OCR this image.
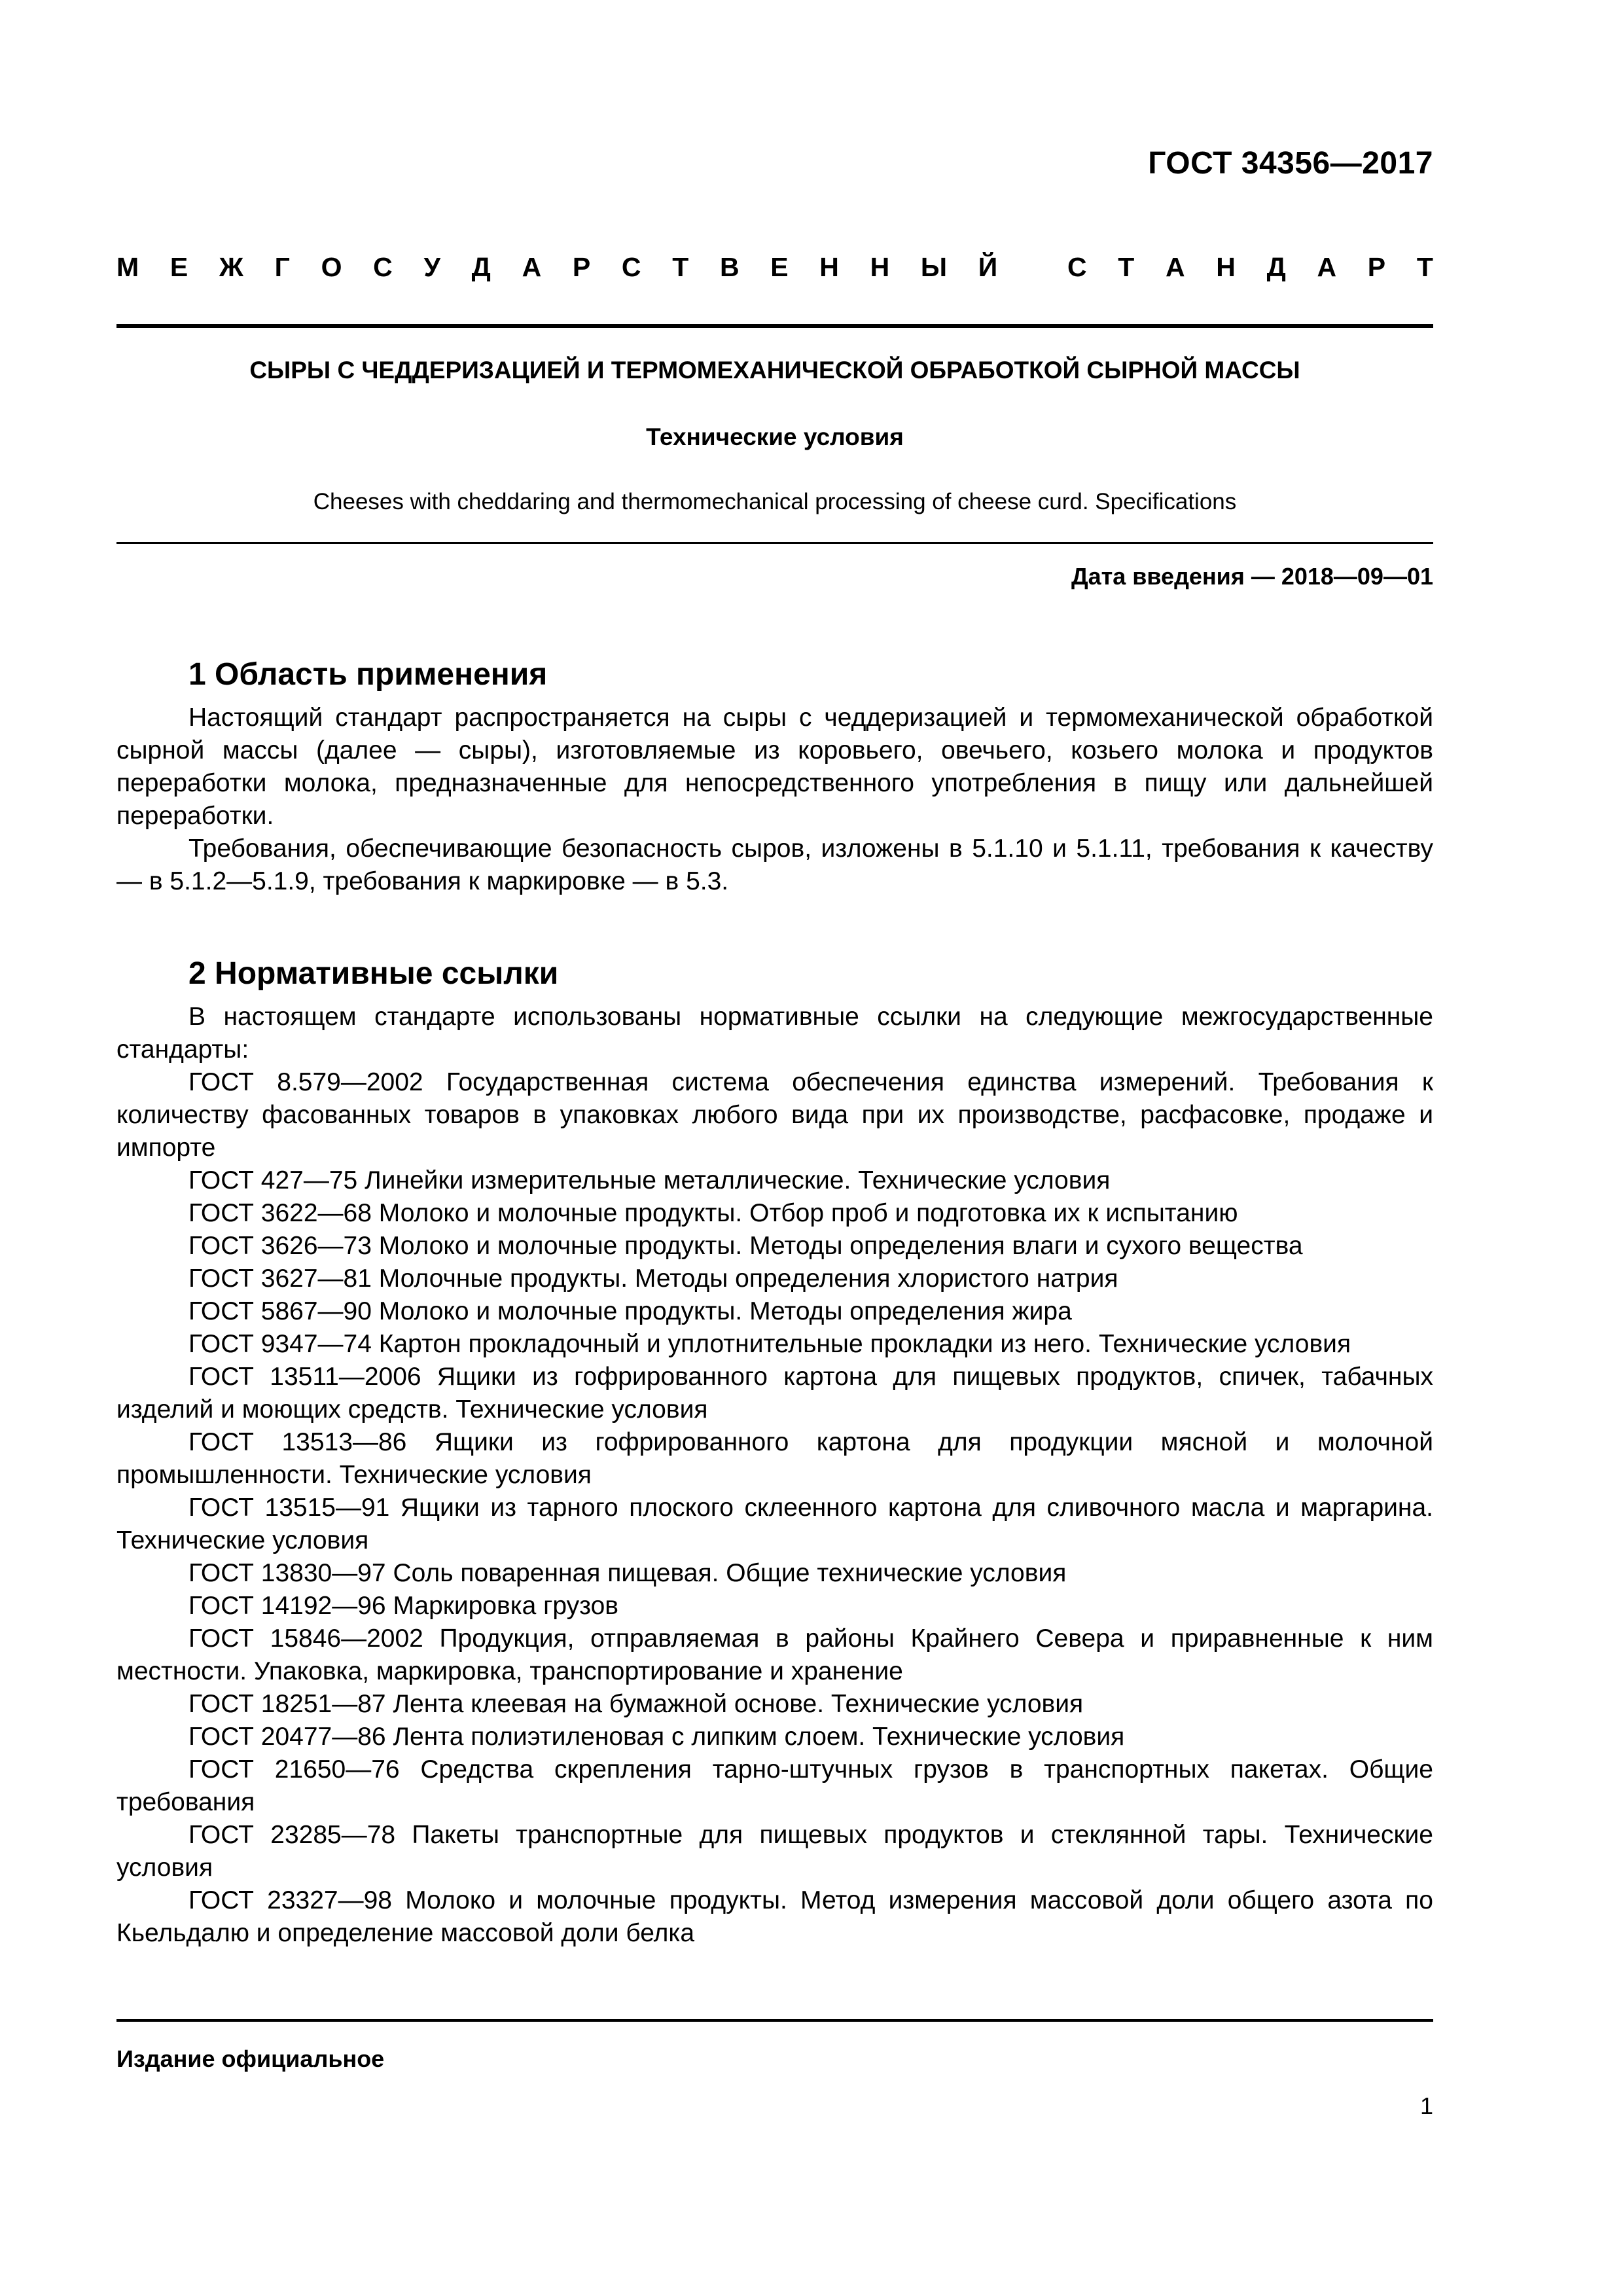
ГОСТ 34356—2017
М Е Ж Г О С У Д А Р С Т В Е Н Н Ы Й
	С Т А Н Д А Р Т
СЫРЫ С ЧЕДДЕРИЗАЦИЕЙ И ТЕРМОМЕХАНИЧЕСКОЙ ОБРАБОТКОЙ СЫРНОЙ МАССЫ
Технические условия
Cheeses with cheddaring and thermomechanical processing of cheese curd. Specifications
Дата введения — 2018—09—01
1 Область применения

Настоящий стандарт распространяется на сыры с чеддеризацией и термомеханической обработкой сырной массы (далее — сыры), изготовляемые из коровьего, овечьего, козьего молока и продуктов переработки молока, предназначенные для непосредственного употребления в пищу или дальнейшей переработки.

Требования, обеспечивающие безопасность сыров, изложены в 5.1.10 и 5.1.11, требования к качеству — в 5.1.2—5.1.9, требования к маркировке — в 5.3.

2 Нормативные ссылки

В настоящем стандарте использованы нормативные ссылки на следующие межгосударственные стандарты:

ГОСТ 8.579—2002 Государственная система обеспечения единства измерений. Требования к количеству фасованных товаров в упаковках любого вида при их производстве, расфасовке, продаже и импорте

ГОСТ 427—75 Линейки измерительные металлические. Технические условия

ГОСТ 3622—68 Молоко и молочные продукты. Отбор проб и подготовка их к испытанию

ГОСТ 3626—73 Молоко и молочные продукты. Методы определения влаги и сухого вещества

ГОСТ 3627—81 Молочные продукты. Методы определения хлористого натрия

ГОСТ 5867—90 Молоко и молочные продукты. Методы определения жира

ГОСТ 9347—74 Картон прокладочный и уплотнительные прокладки из него. Технические условия

ГОСТ 13511—2006 Ящики из гофрированного картона для пищевых продуктов, спичек, табачных изделий и моющих средств. Технические условия

ГОСТ 13513—86 Ящики из гофрированного картона для продукции мясной и молочной промышленности. Технические условия

ГОСТ 13515—91 Ящики из тарного плоского склеенного картона для сливочного масла и маргарина. Технические условия

ГОСТ 13830—97 Соль поваренная пищевая. Общие технические условия

ГОСТ 14192—96 Маркировка грузов

ГОСТ 15846—2002 Продукция, отправляемая в районы Крайнего Севера и приравненные к ним местности. Упаковка, маркировка, транспортирование и хранение

ГОСТ 18251—87 Лента клеевая на бумажной основе. Технические условия

ГОСТ 20477—86 Лента полиэтиленовая с липким слоем. Технические условия

ГОСТ 21650—76 Средства скрепления тарно-штучных грузов в транспортных пакетах. Общие требования

ГОСТ 23285—78 Пакеты транспортные для пищевых продуктов и стеклянной тары. Технические условия

ГОСТ 23327—98 Молоко и молочные продукты. Метод измерения массовой доли общего азота по Кьельдалю и определение массовой доли белка

Издание официальное
1
